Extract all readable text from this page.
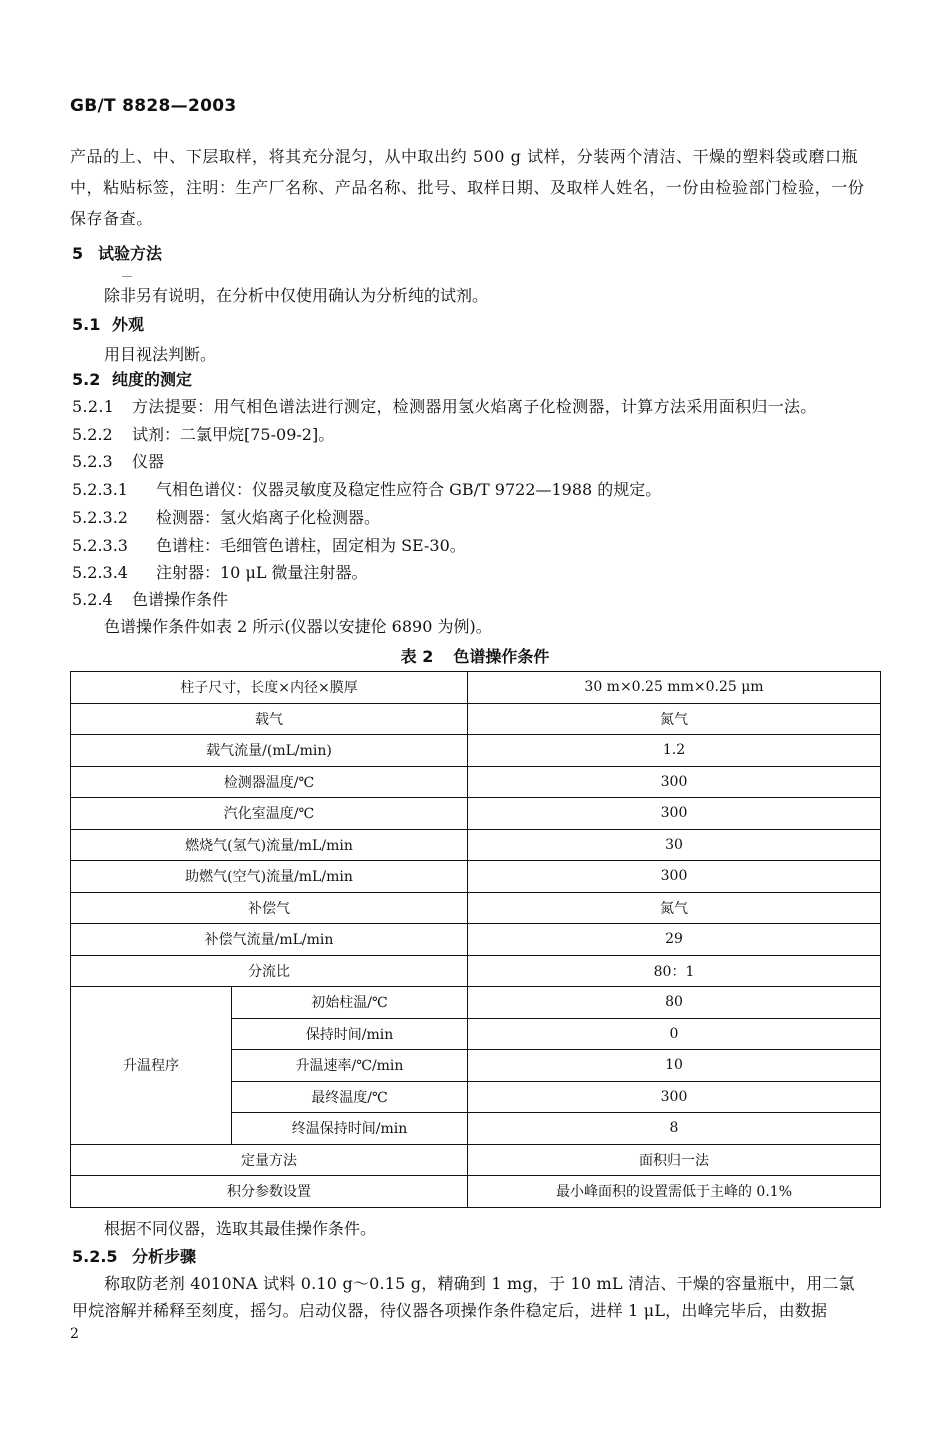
GB/T 8828—2003
产品的上、中、下层取样，将其充分混匀，从中取出约 500 g 试样，分装两个清洁、干燥的塑料袋或磨口瓶
中，粘贴标签，注明：生产厂名称、产品名称、批号、取样日期、及取样人姓名，一份由检验部门检验，一份
保存备查。
5 试验方法
除非另有说明，在分析中仅使用确认为分析纯的试剂。
5.1 外观
用目视法判断。
5.2 纯度的测定
5.2.1 方法提要：用气相色谱法进行测定，检测器用氢火焰离子化检测器，计算方法采用面积归一法。
5.2.2 试剂：二氯甲烷[75-09-2]。
5.2.3 仪器
5.2.3.1 气相色谱仪：仪器灵敏度及稳定性应符合 GB/T 9722—1988 的规定。
5.2.3.2 检测器：氢火焰离子化检测器。
5.2.3.3 色谱柱：毛细管色谱柱，固定相为 SE-30。
5.2.3.4 注射器：10 μL 微量注射器。
5.2.4 色谱操作条件
色谱操作条件如表 2 所示(仪器以安捷伦 6890 为例)。
表 2 色谱操作条件
柱子尺寸，长度×内径×膜厚		30 m×0.25 mm×0.25 μm
载气		氮气
载气流量/(mL/min)		1.2
检测器温度/℃		300
汽化室温度/℃		300
燃烧气(氢气)流量/mL/min		30
助燃气(空气)流量/mL/min		300
补偿气		氮气
补偿气流量/mL/min		29
分流比		80：1
升温程序	初始柱温/℃	80
	保持时间/min	0
	升温速率/℃/min	10
	最终温度/℃	300
	终温保持时间/min	8
定量方法		面积归一法
积分参数设置		最小峰面积的设置需低于主峰的 0.1%
根据不同仪器，选取其最佳操作条件。
5.2.5 分析步骤
称取防老剂 4010NA 试料 0.10 g～0.15 g，精确到 1 mg，于 10 mL 清洁、干燥的容量瓶中，用二氯
甲烷溶解并稀释至刻度，摇匀。启动仪器，待仪器各项操作条件稳定后，进样 1 μL，出峰完毕后，由数据
2
